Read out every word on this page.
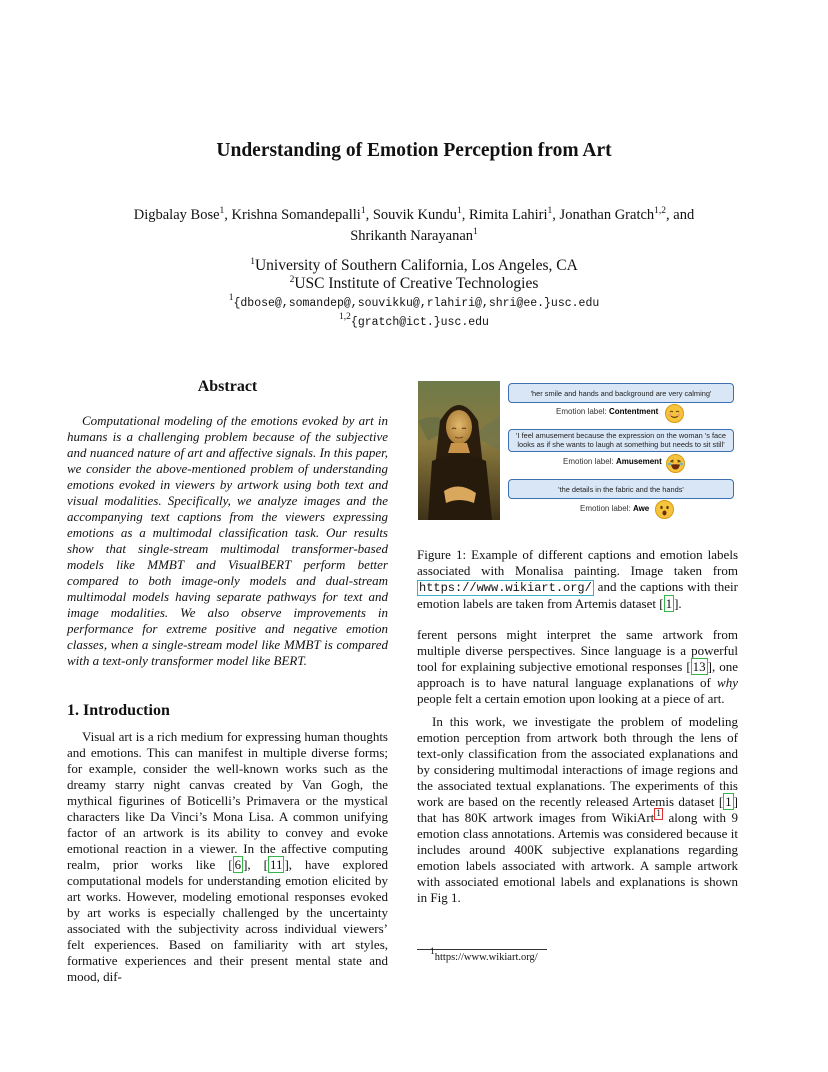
Understanding of Emotion Perception from Art
Digbalay Bose$^1$, Krishna Somandepalli$^1$, Souvik Kundu$^1$, Rimita Lahiri$^1$, Jonathan Gratch$^{1,2}$, and
Shrikanth Narayanan$^1$
$^1$University of Southern California, Los Angeles, CA
$^2$USC Institute of Creative Technologies
$^1${dbose@,somandep@,souvikku@,rlahiri@,shri@ee.}usc.edu
$^{1,2}${gratch@ict.}usc.edu
Abstract
Computational modeling of the emotions evoked by art in humans is a challenging problem because of the subjective and nuanced nature of art and affective signals. In this paper, we consider the above-mentioned problem of understanding emotions evoked in viewers by artwork using both text and visual modalities. Specifically, we analyze images and the accompanying text captions from the viewers expressing emotions as a multimodal classification task. Our results show that single-stream multimodal transformer-based models like MMBT and VisualBERT perform better compared to both image-only models and dual-stream multimodal models having separate pathways for text and image modalities. We also observe improvements in performance for extreme positive and negative emotion classes, when a single-stream model like MMBT is compared with a text-only transformer model like BERT.
1. Introduction

Visual art is a rich medium for expressing human thoughts and emotions. This can manifest in multiple diverse forms; for example, consider the well-known works such as the dreamy starry night canvas created by Van Gogh, the mythical figurines of Boticelli’s Primavera or the mystical characters like Da Vinci’s Mona Lisa. A common unifying factor of an artwork is its ability to convey and evoke emotional reaction in a viewer. In the affective computing realm, prior works like [ 6 ], [ 11 ], have explored computational models for understanding emotion elicited by art works. However, modeling emotional responses evoked by art works is especially challenged by the uncertainty associated with the subjectivity across individual viewers’ felt experiences. Based on familiarity with art styles, formative experiences and their present mental state and mood, dif-

'her smile and hands and background are very calming'
Emotion label: Contentment
'I feel amusement because the expression on the woman 's face looks as if she wants to laugh at something but needs to sit still'
Emotion label: Amusement
'the details in the fabric and the hands'
Emotion label: Awe
Figure 1: Example of different captions and emotion labels associated with Monalisa painting. Image taken from https://www.wikiart.org/ and the captions with their emotion labels are taken from Artemis dataset [ 1 ].

ferent persons might interpret the same artwork from multiple diverse perspectives. Since language is a powerful tool for explaining subjective emotional responses [ 13 ], one approach is to have natural language explanations of why people felt a certain emotion upon looking at a piece of art.

In this work, we investigate the problem of modeling emotion perception from artwork both through the lens of text-only classification from the associated explanations and by considering multimodal interactions of image regions and the associated textual explanations. The experiments of this work are based on the recently released Artemis dataset [ 1 ] that has 80K artwork images from WikiArt $^1$ along with 9 emotion class annotations. Artemis was considered because it includes around 400K subjective explanations regarding emotion labels associated with artwork. A sample artwork with associated emotional labels and explanations is shown in Fig 1.

$^1$https://www.wikiart.org/
